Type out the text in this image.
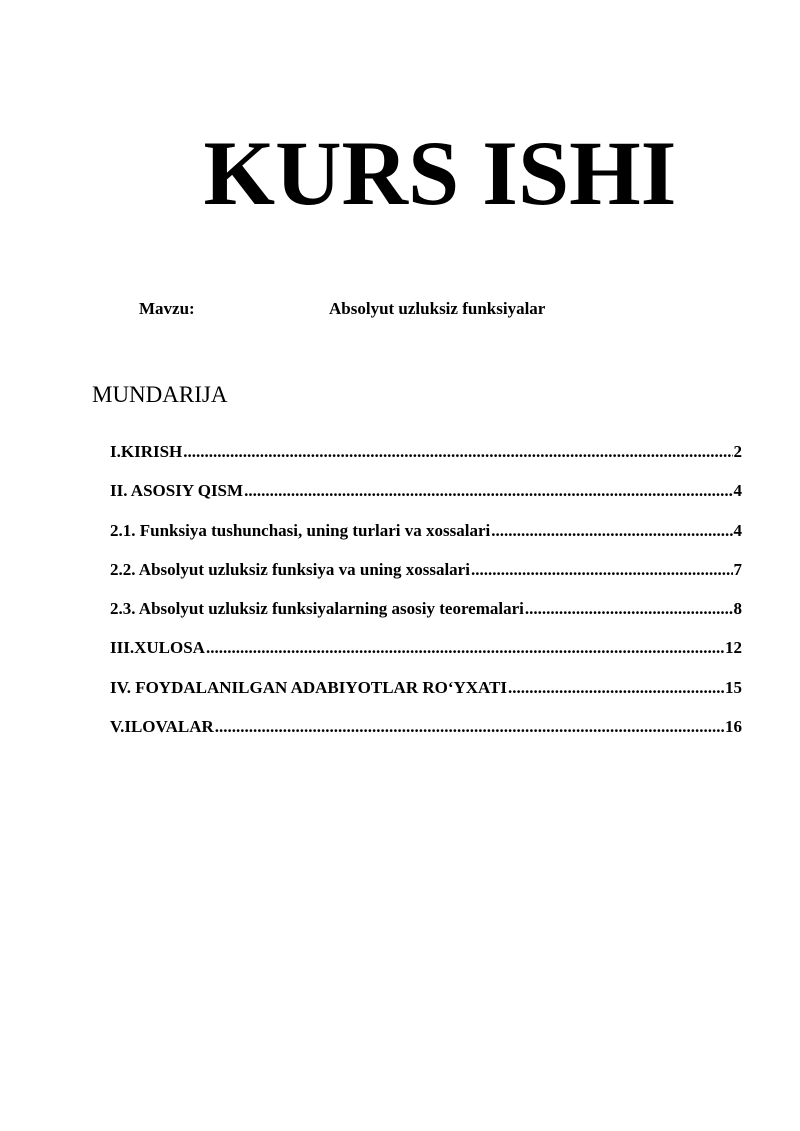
KURS ISHI
Mavzu:	Absolyut uzluksiz funksiyalar
MUNDARIJA
I.KIRISH .....	2
II. ASOSIY QISM .....	4
2.1. Funksiya tushunchasi, uning turlari va xossalari .....	4
2.2. Absolyut uzluksiz funksiya va uning xossalari .....	7
2.3. Absolyut uzluksiz funksiyalarning asosiy teoremalari .....	8
III.XULOSA .....	12
IV. FOYDALANILGAN ADABIYOTLAR RO‘YXATI .....	15
V.ILOVALAR .....	16
